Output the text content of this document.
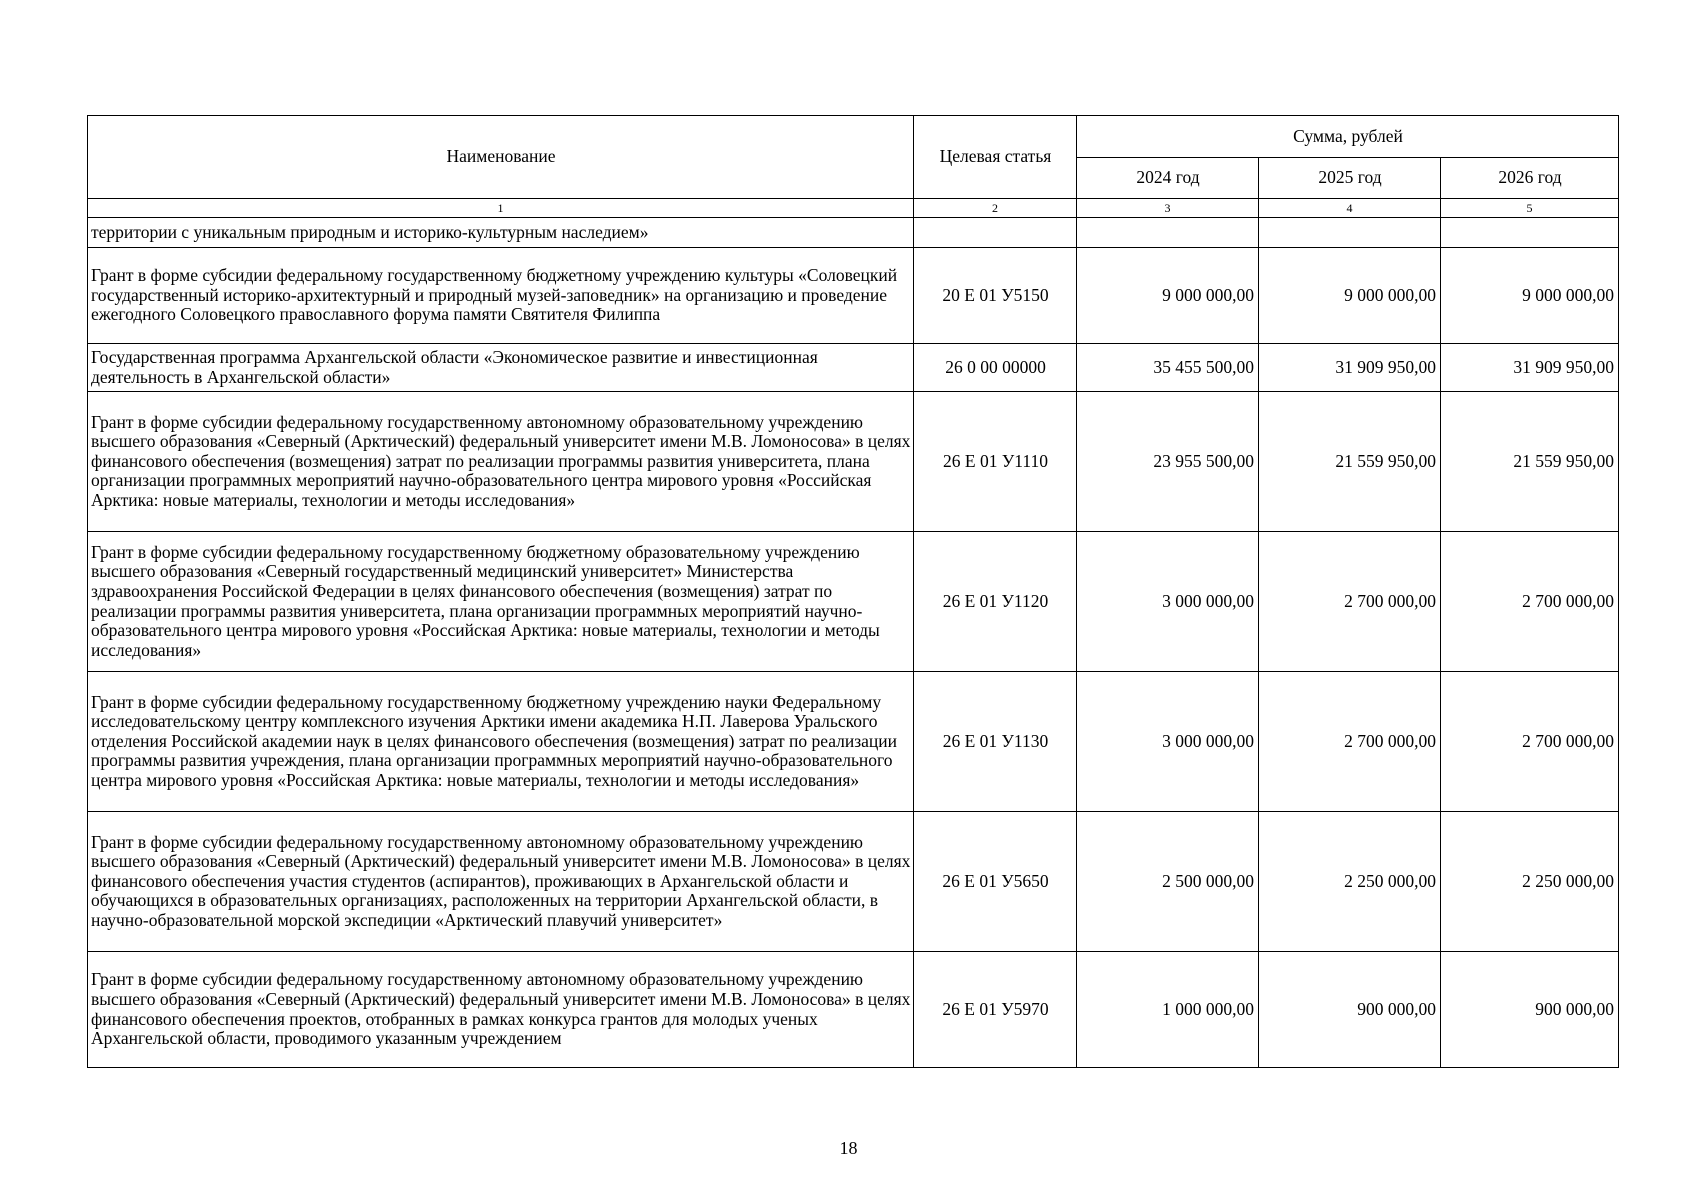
Наименование	Целевая статья	Сумма, рублей		
		2024 год	2025 год	2026 год
1	2	3	4	5
территории с уникальным природным и историко-культурным наследием»				
Грант в форме субсидии федеральному государственному бюджетному учреждению культуры «Соловецкий государственный историко-архитектурный и природный музей-заповедник» на организацию и проведение ежегодного Соловецкого православного форума памяти Святителя Филиппа	20 Е 01 У5150	9 000 000,00	9 000 000,00	9 000 000,00
Государственная программа Архангельской области «Экономическое развитие и инвестиционная деятельность в Архангельской области»	26 0 00 00000	35 455 500,00	31 909 950,00	31 909 950,00
Грант в форме субсидии федеральному государственному автономному образовательному учреждению высшего образования «Северный (Арктический) федеральный университет имени М.В. Ломоносова» в целях финансового обеспечения (возмещения) затрат по реализации программы развития университета, плана организации программных мероприятий научно-образовательного центра мирового уровня «Российская Арктика: новые материалы, технологии и методы исследования»	26 Е 01 У1110	23 955 500,00	21 559 950,00	21 559 950,00
Грант в форме субсидии федеральному государственному бюджетному образовательному учреждению высшего образования «Северный государственный медицинский университет» Министерства здравоохранения Российской Федерации в целях финансового обеспечения (возмещения) затрат по реализации программы развития университета, плана организации программных мероприятий научно-образовательного центра мирового уровня «Российская Арктика: новые материалы, технологии и методы исследования»	26 Е 01 У1120	3 000 000,00	2 700 000,00	2 700 000,00
Грант в форме субсидии федеральному государственному бюджетному учреждению науки Федеральному исследовательскому центру комплексного изучения Арктики имени академика Н.П. Лаверова Уральского отделения Российской академии наук в целях финансового обеспечения (возмещения) затрат по реализации программы развития учреждения, плана организации программных мероприятий научно-образовательного центра мирового уровня «Российская Арктика: новые материалы, технологии и методы исследования»	26 Е 01 У1130	3 000 000,00	2 700 000,00	2 700 000,00
Грант в форме субсидии федеральному государственному автономному образовательному учреждению высшего образования «Северный (Арктический) федеральный университет имени М.В. Ломоносова» в целях финансового обеспечения участия студентов (аспирантов), проживающих в Архангельской области и обучающихся в образовательных организациях, расположенных на территории Архангельской области, в научно-образовательной морской экспедиции «Арктический плавучий университет»	26 Е 01 У5650	2 500 000,00	2 250 000,00	2 250 000,00
Грант в форме субсидии федеральному государственному автономному образовательному учреждению высшего образования «Северный (Арктический) федеральный университет имени М.В. Ломоносова» в целях финансового обеспечения проектов, отобранных в рамках конкурса грантов для молодых ученых Архангельской области, проводимого указанным учреждением	26 Е 01 У5970	1 000 000,00	900 000,00	900 000,00
18
